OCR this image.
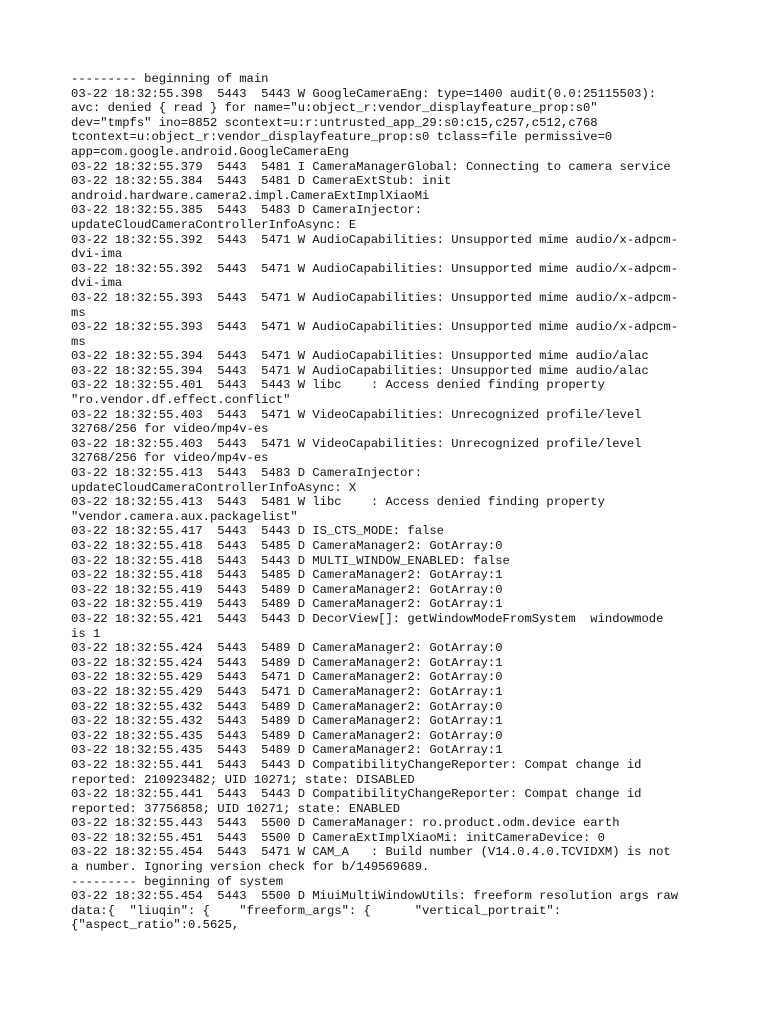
--------- beginning of main
03-22 18:32:55.398  5443  5443 W GoogleCameraEng: type=1400 audit(0.0:25115503):
avc: denied { read } for name="u:object_r:vendor_displayfeature_prop:s0"
dev="tmpfs" ino=8852 scontext=u:r:untrusted_app_29:s0:c15,c257,c512,c768
tcontext=u:object_r:vendor_displayfeature_prop:s0 tclass=file permissive=0
app=com.google.android.GoogleCameraEng
03-22 18:32:55.379  5443  5481 I CameraManagerGlobal: Connecting to camera service
03-22 18:32:55.384  5443  5481 D CameraExtStub: init
android.hardware.camera2.impl.CameraExtImplXiaoMi
03-22 18:32:55.385  5443  5483 D CameraInjector:
updateCloudCameraControllerInfoAsync: E
03-22 18:32:55.392  5443  5471 W AudioCapabilities: Unsupported mime audio/x-adpcm-
dvi-ima
03-22 18:32:55.392  5443  5471 W AudioCapabilities: Unsupported mime audio/x-adpcm-
dvi-ima
03-22 18:32:55.393  5443  5471 W AudioCapabilities: Unsupported mime audio/x-adpcm-
ms
03-22 18:32:55.393  5443  5471 W AudioCapabilities: Unsupported mime audio/x-adpcm-
ms
03-22 18:32:55.394  5443  5471 W AudioCapabilities: Unsupported mime audio/alac
03-22 18:32:55.394  5443  5471 W AudioCapabilities: Unsupported mime audio/alac
03-22 18:32:55.401  5443  5443 W libc    : Access denied finding property
"ro.vendor.df.effect.conflict"
03-22 18:32:55.403  5443  5471 W VideoCapabilities: Unrecognized profile/level
32768/256 for video/mp4v-es
03-22 18:32:55.403  5443  5471 W VideoCapabilities: Unrecognized profile/level
32768/256 for video/mp4v-es
03-22 18:32:55.413  5443  5483 D CameraInjector:
updateCloudCameraControllerInfoAsync: X
03-22 18:32:55.413  5443  5481 W libc    : Access denied finding property
"vendor.camera.aux.packagelist"
03-22 18:32:55.417  5443  5443 D IS_CTS_MODE: false
03-22 18:32:55.418  5443  5485 D CameraManager2: GotArray:0
03-22 18:32:55.418  5443  5443 D MULTI_WINDOW_ENABLED: false
03-22 18:32:55.418  5443  5485 D CameraManager2: GotArray:1
03-22 18:32:55.419  5443  5489 D CameraManager2: GotArray:0
03-22 18:32:55.419  5443  5489 D CameraManager2: GotArray:1
03-22 18:32:55.421  5443  5443 D DecorView[]: getWindowModeFromSystem  windowmode
is 1
03-22 18:32:55.424  5443  5489 D CameraManager2: GotArray:0
03-22 18:32:55.424  5443  5489 D CameraManager2: GotArray:1
03-22 18:32:55.429  5443  5471 D CameraManager2: GotArray:0
03-22 18:32:55.429  5443  5471 D CameraManager2: GotArray:1
03-22 18:32:55.432  5443  5489 D CameraManager2: GotArray:0
03-22 18:32:55.432  5443  5489 D CameraManager2: GotArray:1
03-22 18:32:55.435  5443  5489 D CameraManager2: GotArray:0
03-22 18:32:55.435  5443  5489 D CameraManager2: GotArray:1
03-22 18:32:55.441  5443  5443 D CompatibilityChangeReporter: Compat change id
reported: 210923482; UID 10271; state: DISABLED
03-22 18:32:55.441  5443  5443 D CompatibilityChangeReporter: Compat change id
reported: 37756858; UID 10271; state: ENABLED
03-22 18:32:55.443  5443  5500 D CameraManager: ro.product.odm.device earth
03-22 18:32:55.451  5443  5500 D CameraExtImplXiaoMi: initCameraDevice: 0
03-22 18:32:55.454  5443  5471 W CAM_A   : Build number (V14.0.4.0.TCVIDXM) is not
a number. Ignoring version check for b/149569689.
--------- beginning of system
03-22 18:32:55.454  5443  5500 D MiuiMultiWindowUtils: freeform resolution args raw
data:{  "liuqin": {    "freeform_args": {      "vertical_portrait":
{"aspect_ratio":0.5625,
